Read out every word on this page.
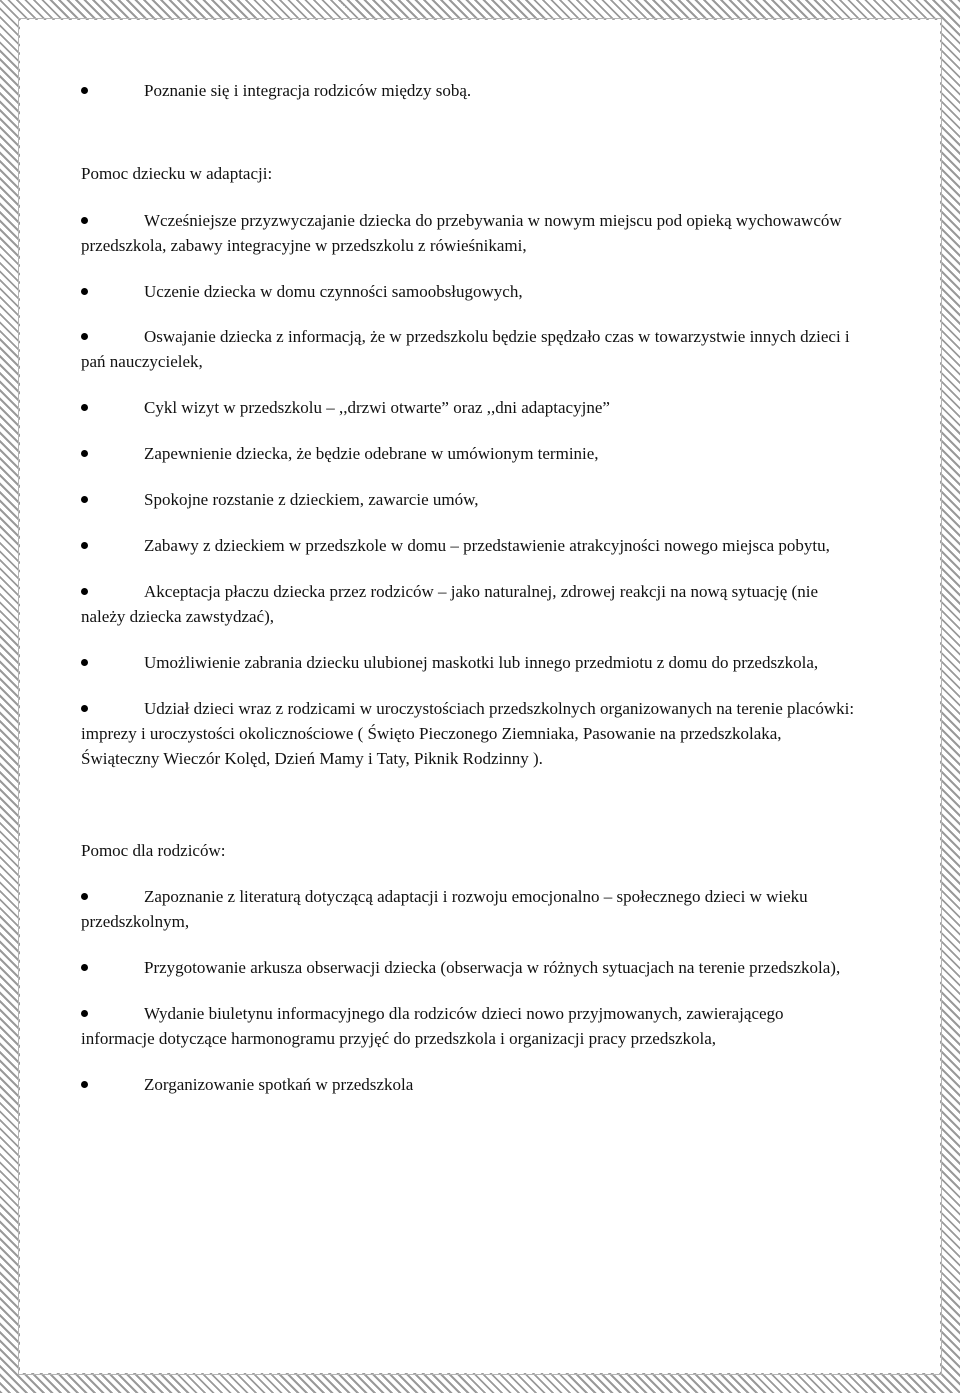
Poznanie się i integracja rodziców między sobą.

Pomoc dziecku w adaptacji:

Wcześniejsze przyzwyczajanie dziecka do przebywania w nowym miejscu pod opieką wychowawców przedszkola, zabawy integracyjne w przedszkolu z rówieśnikami,

Uczenie dziecka w domu czynności samoobsługowych,

Oswajanie dziecka z informacją, że w przedszkolu będzie spędzało czas w towarzystwie innych dzieci i pań nauczycielek,

Cykl wizyt w przedszkolu – ,,drzwi otwarte” oraz ,,dni adaptacyjne”

Zapewnienie dziecka, że będzie odebrane w umówionym terminie,

Spokojne rozstanie z dzieckiem, zawarcie umów,

Zabawy z dzieckiem w przedszkole w domu – przedstawienie atrakcyjności nowego miejsca pobytu,

Akceptacja płaczu dziecka przez rodziców – jako naturalnej, zdrowej reakcji na nową sytuację (nie należy dziecka zawstydzać),

Umożliwienie zabrania dziecku ulubionej maskotki lub innego przedmiotu z domu do przedszkola,

Udział dzieci wraz z rodzicami w uroczystościach przedszkolnych organizowanych na terenie placówki: imprezy i uroczystości okolicznościowe ( Święto Pieczonego Ziemniaka, Pasowanie na przedszkolaka, Świąteczny Wieczór Kolęd, Dzień Mamy i Taty, Piknik Rodzinny ).

Pomoc dla rodziców:

Zapoznanie z literaturą dotyczącą adaptacji i rozwoju emocjonalno – społecznego dzieci w wieku przedszkolnym,

Przygotowanie arkusza obserwacji dziecka (obserwacja w różnych sytuacjach na terenie przedszkola),

Wydanie biuletynu informacyjnego dla rodziców dzieci nowo przyjmowanych, zawierającego informacje dotyczące harmonogramu przyjęć do przedszkola i organizacji pracy przedszkola,

Zorganizowanie spotkań w przedszkola
